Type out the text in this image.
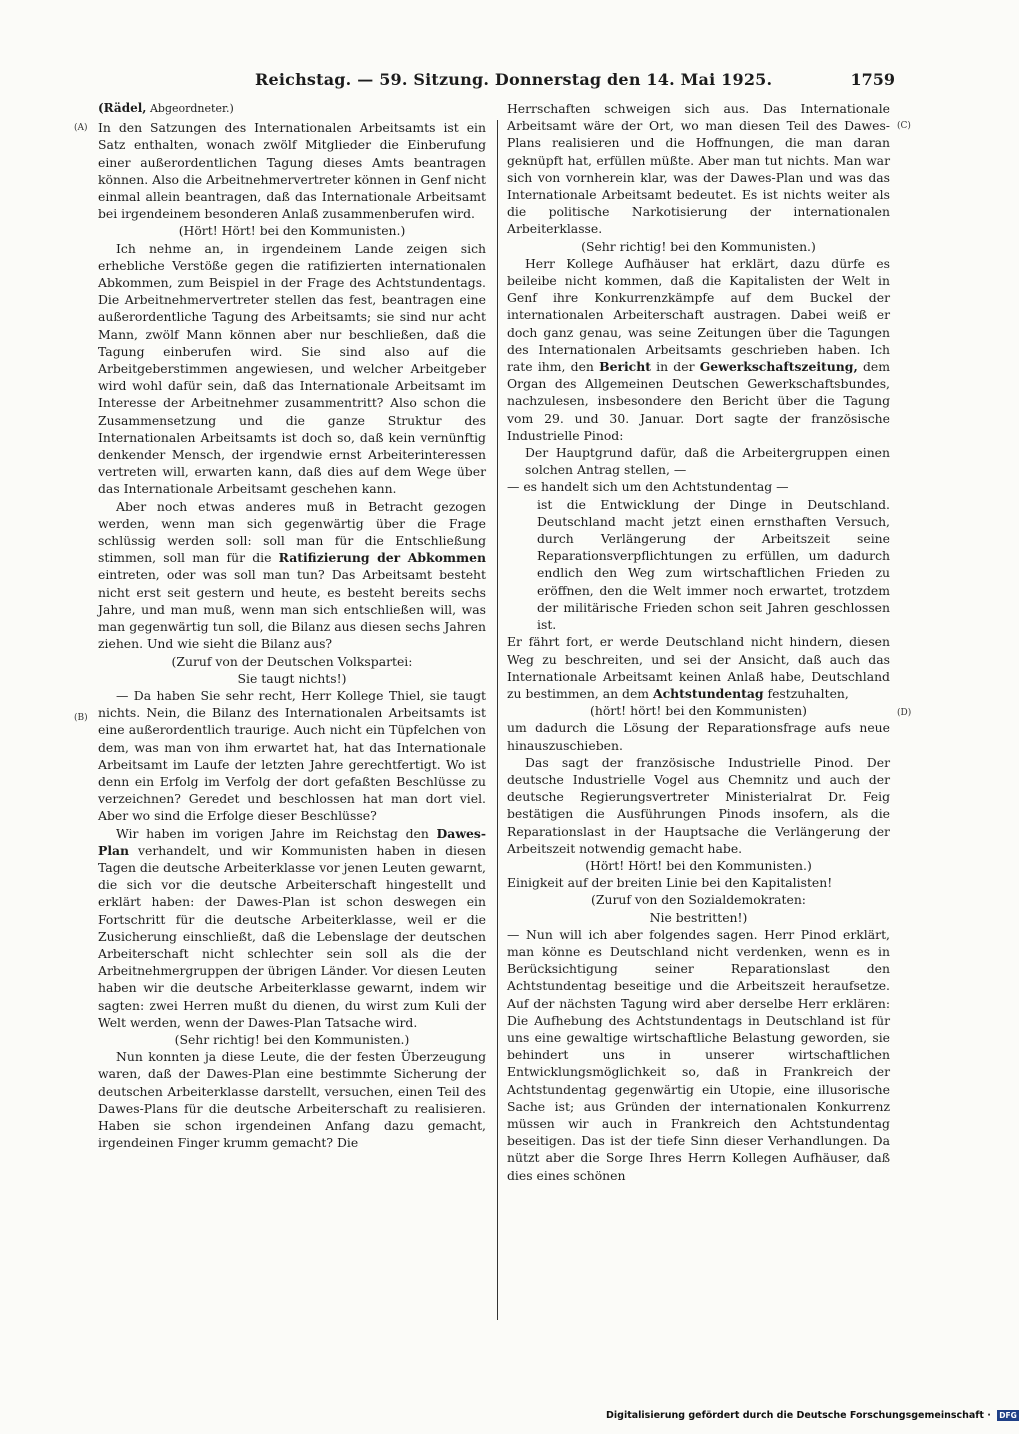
Reichstag. — 59. Sitzung. Donnerstag den 14. Mai 1925.	1759
(A)
(B)
(C)
(D)
(Rädel, Abgeordneter.)

In den Satzungen des Internationalen Arbeitsamts ist ein Satz enthalten, wonach zwölf Mitglieder die Einberufung einer außerordentlichen Tagung dieses Amts beantragen können. Also die Arbeitnehmervertreter können in Genf nicht einmal allein beantragen, daß das Internationale Arbeitsamt bei irgendeinem besonderen Anlaß zusammenberufen wird.

(Hört! Hört! bei den Kommunisten.)

Ich nehme an, in irgendeinem Lande zeigen sich erhebliche Verstöße gegen die ratifizierten internationalen Abkommen, zum Beispiel in der Frage des Achtstundentags. Die Arbeitnehmervertreter stellen das fest, beantragen eine außerordentliche Tagung des Arbeitsamts; sie sind nur acht Mann, zwölf Mann können aber nur beschließen, daß die Tagung einberufen wird. Sie sind also auf die Arbeitgeberstimmen angewiesen, und welcher Arbeitgeber wird wohl dafür sein, daß das Internationale Arbeitsamt im Interesse der Arbeitnehmer zusammentritt? Also schon die Zusammensetzung und die ganze Struktur des Internationalen Arbeitsamts ist doch so, daß kein vernünftig denkender Mensch, der irgendwie ernst Arbeiterinteressen vertreten will, erwarten kann, daß dies auf dem Wege über das Internationale Arbeitsamt geschehen kann.

Aber noch etwas anderes muß in Betracht gezogen werden, wenn man sich gegenwärtig über die Frage schlüssig werden soll: soll man für die Entschließung stimmen, soll man für die Ratifizierung der Abkommen eintreten, oder was soll man tun? Das Arbeitsamt besteht nicht erst seit gestern und heute, es besteht bereits sechs Jahre, und man muß, wenn man sich entschließen will, was man gegenwärtig tun soll, die Bilanz aus diesen sechs Jahren ziehen. Und wie sieht die Bilanz aus?

(Zuruf von der Deutschen Volkspartei:

Sie taugt nichts!)

— Da haben Sie sehr recht, Herr Kollege Thiel, sie taugt nichts. Nein, die Bilanz des Internationalen Arbeitsamts ist eine außerordentlich traurige. Auch nicht ein Tüpfelchen von dem, was man von ihm erwartet hat, hat das Internationale Arbeitsamt im Laufe der letzten Jahre gerechtfertigt. Wo ist denn ein Erfolg im Verfolg der dort gefaßten Beschlüsse zu verzeichnen? Geredet und beschlossen hat man dort viel. Aber wo sind die Erfolge dieser Beschlüsse?

Wir haben im vorigen Jahre im Reichstag den Dawes-Plan verhandelt, und wir Kommunisten haben in diesen Tagen die deutsche Arbeiterklasse vor jenen Leuten gewarnt, die sich vor die deutsche Arbeiterschaft hingestellt und erklärt haben: der Dawes-Plan ist schon deswegen ein Fortschritt für die deutsche Arbeiterklasse, weil er die Zusicherung einschließt, daß die Lebenslage der deutschen Arbeiterschaft nicht schlechter sein soll als die der Arbeitnehmergruppen der übrigen Länder. Vor diesen Leuten haben wir die deutsche Arbeiterklasse gewarnt, indem wir sagten: zwei Herren mußt du dienen, du wirst zum Kuli der Welt werden, wenn der Dawes-Plan Tatsache wird.

(Sehr richtig! bei den Kommunisten.)

Nun konnten ja diese Leute, die der festen Überzeugung waren, daß der Dawes-Plan eine bestimmte Sicherung der deutschen Arbeiterklasse darstellt, versuchen, einen Teil des Dawes-Plans für die deutsche Arbeiterschaft zu realisieren. Haben sie schon irgendeinen Anfang dazu gemacht, irgendeinen Finger krumm gemacht? Die

Herrschaften schweigen sich aus. Das Internationale Arbeitsamt wäre der Ort, wo man diesen Teil des Dawes-Plans realisieren und die Hoffnungen, die man daran geknüpft hat, erfüllen müßte. Aber man tut nichts. Man war sich von vornherein klar, was der Dawes-Plan und was das Internationale Arbeitsamt bedeutet. Es ist nichts weiter als die politische Narkotisierung der internationalen Arbeiterklasse.

(Sehr richtig! bei den Kommunisten.)

Herr Kollege Aufhäuser hat erklärt, dazu dürfe es beileibe nicht kommen, daß die Kapitalisten der Welt in Genf ihre Konkurrenzkämpfe auf dem Buckel der internationalen Arbeiterschaft austragen. Dabei weiß er doch ganz genau, was seine Zeitungen über die Tagungen des Internationalen Arbeitsamts geschrieben haben. Ich rate ihm, den Bericht in der Gewerkschaftszeitung, dem Organ des Allgemeinen Deutschen Gewerkschaftsbundes, nachzulesen, insbesondere den Bericht über die Tagung vom 29. und 30. Januar. Dort sagte der französische Industrielle Pinod:

Der Hauptgrund dafür, daß die Arbeitergruppen einen solchen Antrag stellen, —

— es handelt sich um den Achtstundentag —

ist die Entwicklung der Dinge in Deutschland. Deutschland macht jetzt einen ernsthaften Versuch, durch Verlängerung der Arbeitszeit seine Reparationsverpflichtungen zu erfüllen, um dadurch endlich den Weg zum wirtschaftlichen Frieden zu eröffnen, den die Welt immer noch erwartet, trotzdem der militärische Frieden schon seit Jahren geschlossen ist.

Er fährt fort, er werde Deutschland nicht hindern, diesen Weg zu beschreiten, und sei der Ansicht, daß auch das Internationale Arbeitsamt keinen Anlaß habe, Deutschland zu bestimmen, an dem Achtstundentag festzuhalten,

(hört! hört! bei den Kommunisten)

um dadurch die Lösung der Reparationsfrage aufs neue hinauszuschieben.

Das sagt der französische Industrielle Pinod. Der deutsche Industrielle Vogel aus Chemnitz und auch der deutsche Regierungsvertreter Ministerialrat Dr. Feig bestätigen die Ausführungen Pinods insofern, als die Reparationslast in der Hauptsache die Verlängerung der Arbeitszeit notwendig gemacht habe.

(Hört! Hört! bei den Kommunisten.)

Einigkeit auf der breiten Linie bei den Kapitalisten!

(Zuruf von den Sozialdemokraten:

Nie bestritten!)

— Nun will ich aber folgendes sagen. Herr Pinod erklärt, man könne es Deutschland nicht verdenken, wenn es in Berücksichtigung seiner Reparationslast den Achtstundentag beseitige und die Arbeitszeit heraufsetze. Auf der nächsten Tagung wird aber derselbe Herr erklären: Die Aufhebung des Achtstundentags in Deutschland ist für uns eine gewaltige wirtschaftliche Belastung geworden, sie behindert uns in unserer wirtschaftlichen Entwicklungsmöglichkeit so, daß in Frankreich der Achtstundentag gegenwärtig ein Utopie, eine illusorische Sache ist; aus Gründen der internationalen Konkurrenz müssen wir auch in Frankreich den Achtstundentag beseitigen. Das ist der tiefe Sinn dieser Verhandlungen. Da nützt aber die Sorge Ihres Herrn Kollegen Aufhäuser, daß dies eines schönen

Digitalisierung gefördert durch die Deutsche Forschungsgemeinschaft · DFG
